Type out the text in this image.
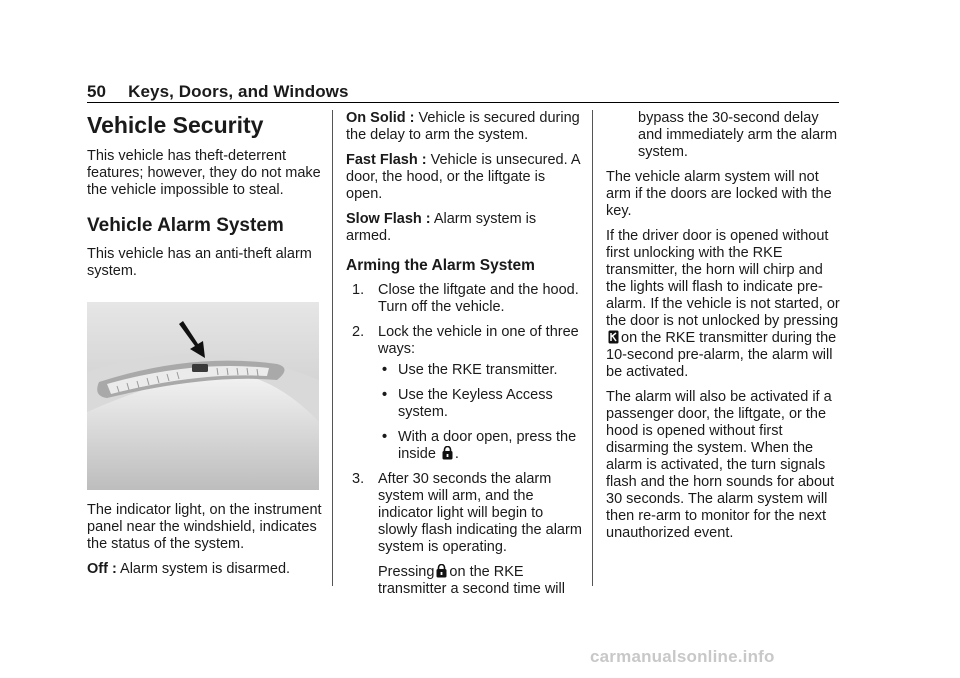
50 Keys, Doors, and Windows
Vehicle Security

This vehicle has theft-deterrent features; however, they do not make the vehicle impossible to steal.

Vehicle Alarm System

This vehicle has an anti-theft alarm system.

The indicator light, on the instrument panel near the windshield, indicates the status of the system.

Off : Alarm system is disarmed.

On Solid : Vehicle is secured during the delay to arm the system.

Fast Flash : Vehicle is unsecured. A door, the hood, or the liftgate is open.

Slow Flash : Alarm system is armed.

Arming the Alarm System
1. Close the liftgate and the hood. Turn off the vehicle.
2. Lock the vehicle in one of three ways:
• Use the RKE transmitter.
• Use the Keyless Access system.
• With a door open, press the inside .
3. After 30 seconds the alarm system will arm, and the indicator light will begin to slowly flash indicating the alarm system is operating.
Pressing on the RKE transmitter a second time will

bypass the 30-second delay and immediately arm the alarm system.

The vehicle alarm system will not arm if the doors are locked with the key.

If the driver door is opened without first unlocking with the RKE transmitter, the horn will chirp and the lights will flash to indicate pre-alarm. If the vehicle is not started, or the door is not unlocked by pressingon the RKE transmitter during the 10-second pre-alarm, the alarm will be activated.

The alarm will also be activated if a passenger door, the liftgate, or the hood is opened without first disarming the system. When the alarm is activated, the turn signals flash and the horn sounds for about 30 seconds. The alarm system will then re-arm to monitor for the next unauthorized event.

carmanualsonline.info
